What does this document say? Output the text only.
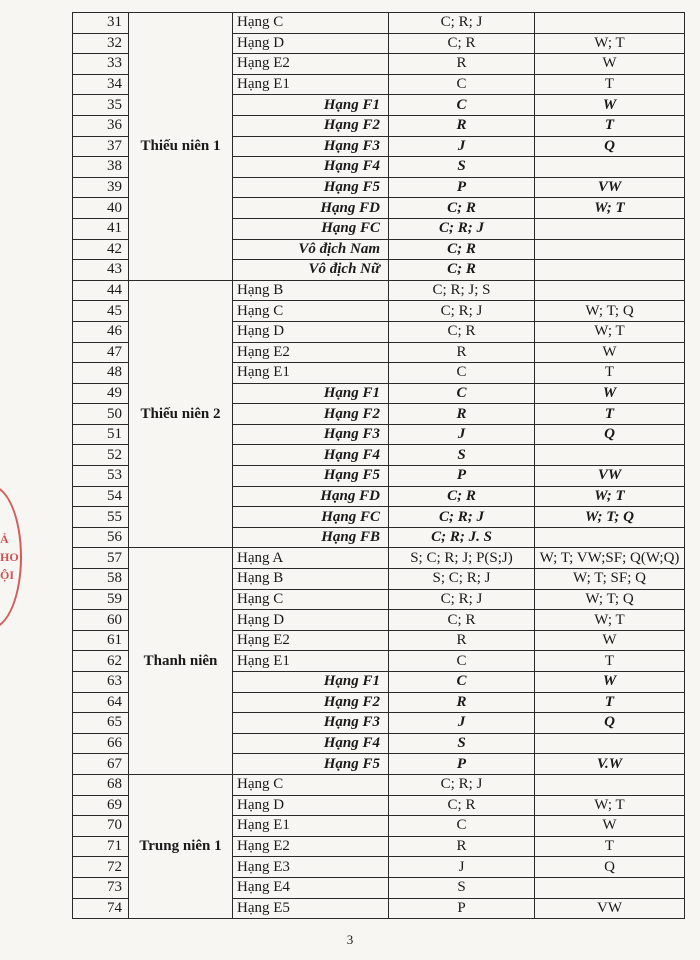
Ả HO ỘI
31	Thiếu niên 1	Hạng C	C; R; J	
32		Hạng D	C; R	W; T
33		Hạng E2	R	W
34		Hạng E1	C	T
35		Hạng F1	C	W
36		Hạng F2	R	T
37		Hạng F3	J	Q
38		Hạng F4	S	
39		Hạng F5	P	VW
40		Hạng FD	C; R	W; T
41		Hạng FC	C; R; J	
42		Vô địch Nam	C; R	
43		Vô địch Nữ	C; R	
44	Thiếu niên 2	Hạng B	C; R; J; S	
45		Hạng C	C; R; J	W; T; Q
46		Hạng D	C; R	W; T
47		Hạng E2	R	W
48		Hạng E1	C	T
49		Hạng F1	C	W
50		Hạng F2	R	T
51		Hạng F3	J	Q
52		Hạng F4	S	
53		Hạng F5	P	VW
54		Hạng FD	C; R	W; T
55		Hạng FC	C; R; J	W; T; Q
56		Hạng FB	C; R; J. S	
57	Thanh niên	Hạng A	S; C; R; J; P(S;J)	W; T; VW;SF; Q(W;Q)
58		Hạng B	S; C; R; J	W; T; SF; Q
59		Hạng C	C; R; J	W; T; Q
60		Hạng D	C; R	W; T
61		Hạng E2	R	W
62		Hạng E1	C	T
63		Hạng F1	C	W
64		Hạng F2	R	T
65		Hạng F3	J	Q
66		Hạng F4	S	
67		Hạng F5	P	V.W
68	Trung niên 1	Hạng C	C; R; J	
69		Hạng D	C; R	W; T
70		Hạng E1	C	W
71		Hạng E2	R	T
72		Hạng E3	J	Q
73		Hạng E4	S	
74		Hạng E5	P	VW
3
